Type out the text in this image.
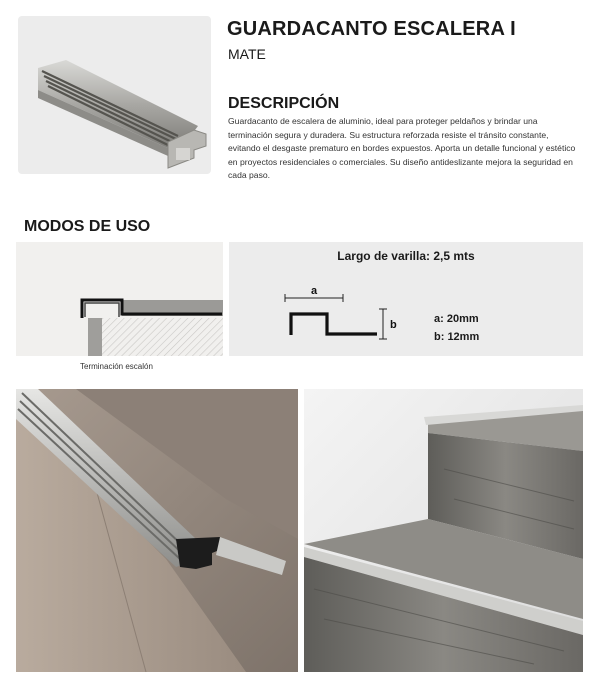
GUARDACANTO ESCALERA I
MATE
DESCRIPCIÓN
Guardacanto de escalera de aluminio, ideal para proteger peldaños y brindar una terminación segura y duradera. Su estructura reforzada resiste el tránsito constante, evitando el desgaste prematuro en bordes expuestos. Aporta un detalle funcional y estético en proyectos residenciales o comerciales. Su diseño antideslizante mejora la seguridad en cada paso.
MODOS DE USO
Terminación escalón
Largo de varilla: 2,5 mts
a
b	a: 20mm
b: 12mm
